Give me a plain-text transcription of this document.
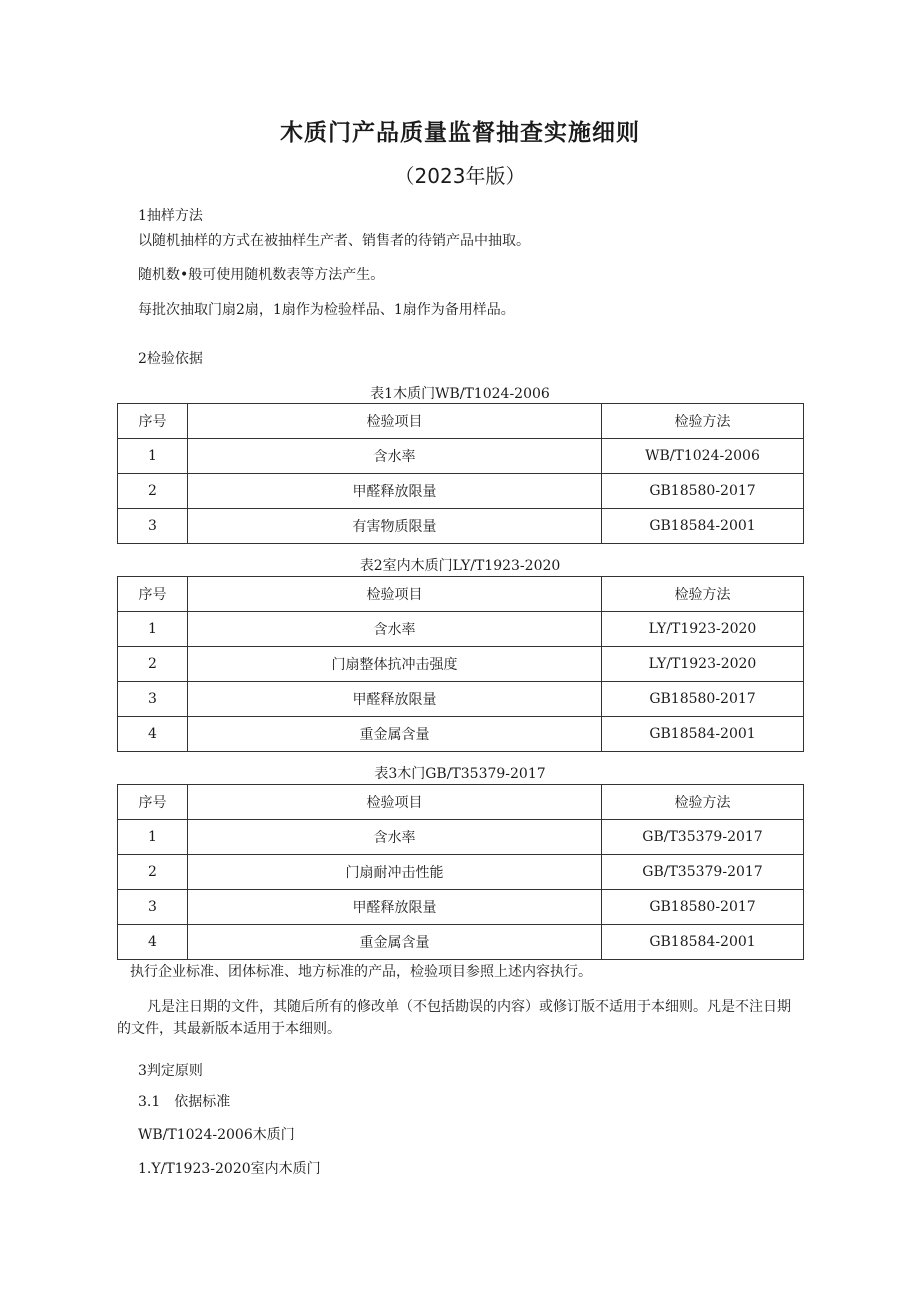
木质门产品质量监督抽查实施细则
（2023年版）
1抽样方法
以随机抽样的方式在被抽样生产者、销售者的待销产品中抽取。
随机数•般可使用随机数表等方法产生。
每批次抽取门扇2扇，1扇作为检验样品、1扇作为备用样品。
2检验依据
表1木质门WB/T1024-2006
序号	检验项目	检验方法
1	含水率	WB/T1024-2006
2	甲醛释放限量	GB18580-2017
3	有害物质限量	GB18584-2001
表2室内木质门LY/T1923-2020
序号	检验项目	检验方法
1	含水率	LY/T1923-2020
2	门扇整体抗冲击强度	LY/T1923-2020
3	甲醛释放限量	GB18580-2017
4	重金属含量	GB18584-2001
表3木门GB/T35379-2017
序号	检验项目	检验方法
1	含水率	GB/T35379-2017
2	门扇耐冲击性能	GB/T35379-2017
3	甲醛释放限量	GB18580-2017
4	重金属含量	GB18584-2001
执行企业标准、团体标准、地方标准的产品，检验项目参照上述内容执行。
凡是注日期的文件，其随后所有的修改单（不包括勘误的内容）或修订版不适用于本细则。凡是不注日期的文件，其最新版本适用于本细则。
3判定原则
3.1　依据标准
WB/T1024-2006木质门
1.Y/T1923-2020室内木质门
